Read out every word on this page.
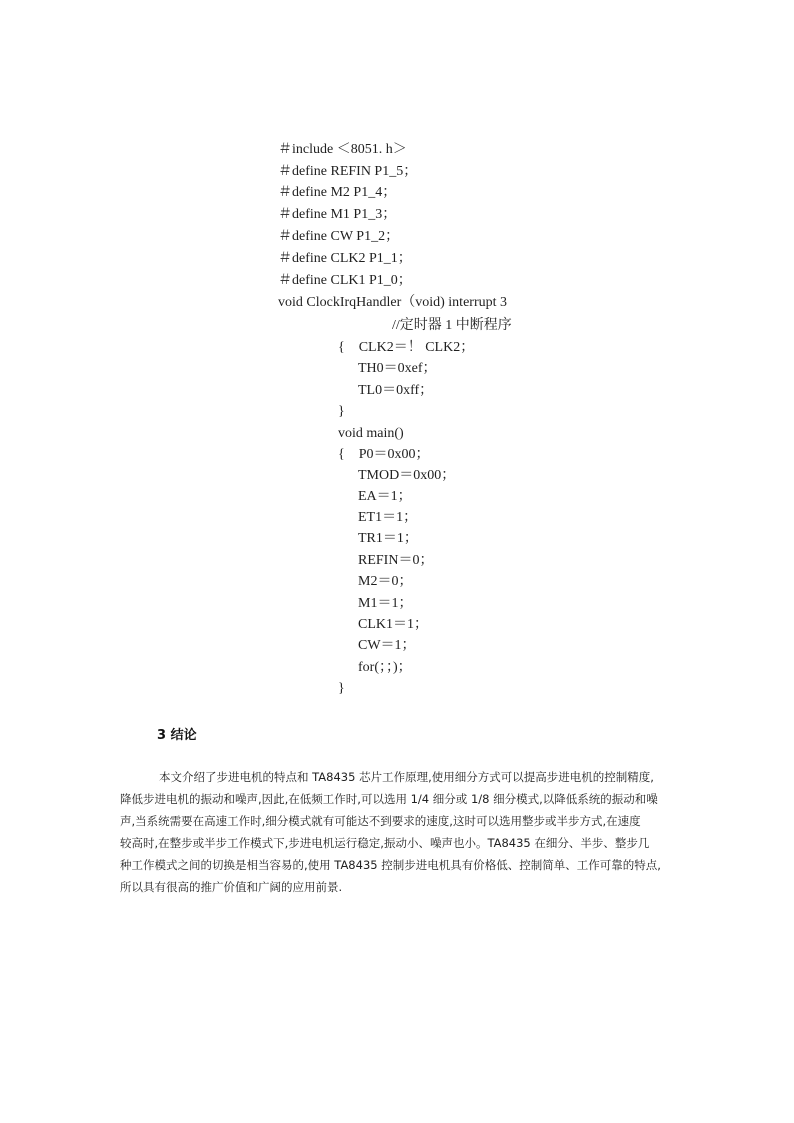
＃include ＜8051. h＞
＃define REFIN P1_5；
＃define M2 P1_4；
＃define M1 P1_3；
＃define CW P1_2；
＃define CLK2 P1_1；
＃define CLK1 P1_0；
void ClockIrqHandler（void) interrupt 3
//定时器 1 中断程序
{    CLK2＝！ CLK2；
TH0＝0xef；
TL0＝0xff；
}
void main()
{    P0＝0x00；
TMOD＝0x00；
EA＝1；
ET1＝1；
TR1＝1；
REFIN＝0；
M2＝0；
M1＝1；
CLK1＝1；
CW＝1；
for(；；)；
}
3 结论
本文介绍了步进电机的特点和 TA8435 芯片工作原理,使用细分方式可以提高步进电机的控制精度,
降低步进电机的振动和噪声,因此,在低频工作时,可以选用 1/4 细分或 1/8 细分模式,以降低系统的振动和噪
声,当系统需要在高速工作时,细分模式就有可能达不到要求的速度,这时可以选用整步或半步方式,在速度
较高时,在整步或半步工作模式下,步进电机运行稳定,振动小、噪声也小。TA8435 在细分、半步、整步几
种工作模式之间的切换是相当容易的,使用 TA8435 控制步进电机具有价格低、控制简单、工作可靠的特点,
所以具有很高的推广价值和广阔的应用前景.
